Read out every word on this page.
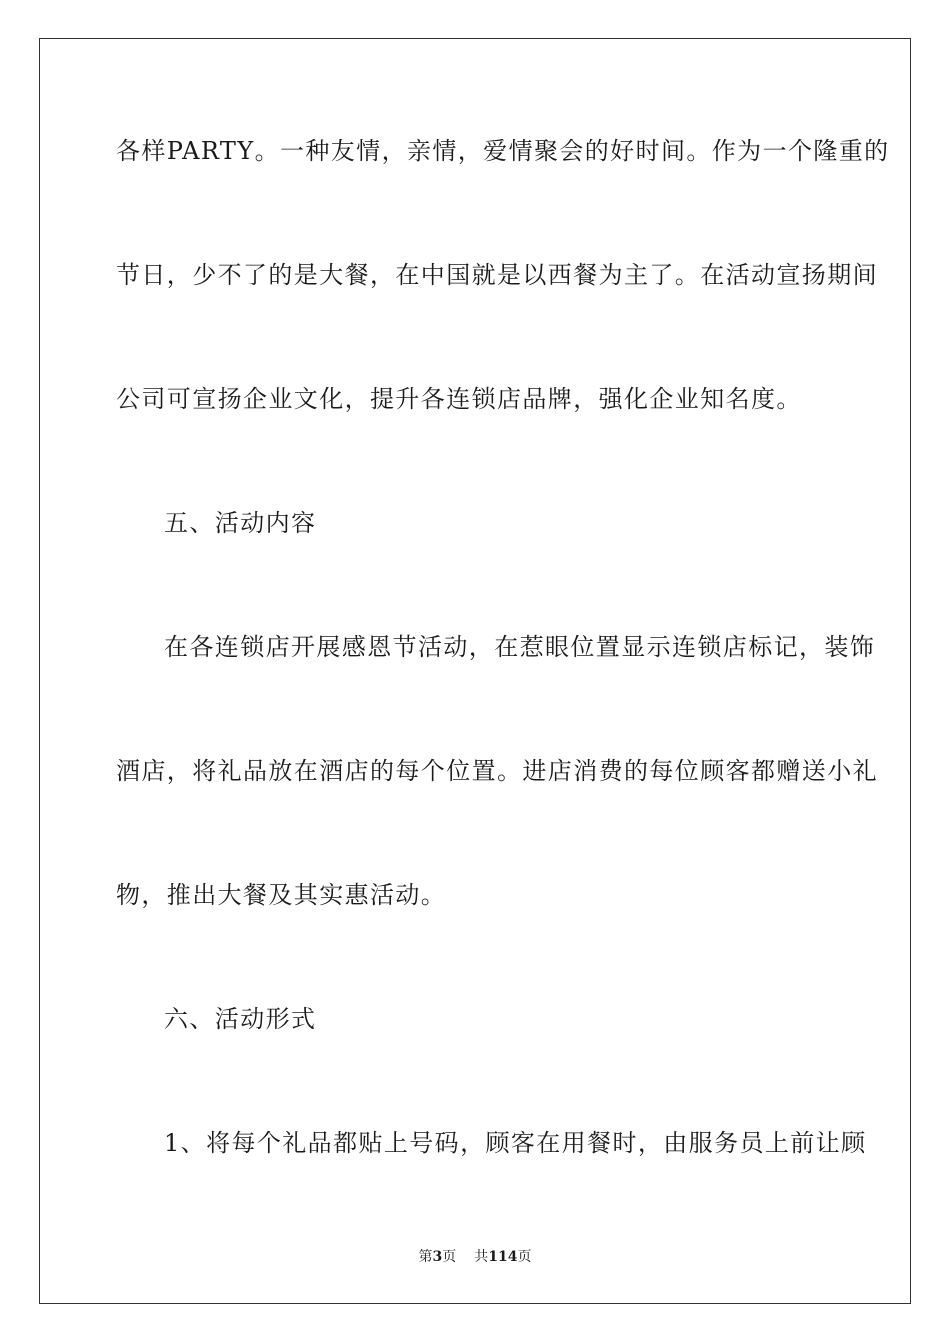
各样PARTY。一种友情，亲情，爱情聚会的好时间。作为一个隆重的
节日，少不了的是大餐，在中国就是以西餐为主了。在活动宣扬期间
公司可宣扬企业文化，提升各连锁店品牌，强化企业知名度。
五、活动内容
在各连锁店开展感恩节活动，在惹眼位置显示连锁店标记，装饰
酒店，将礼品放在酒店的每个位置。进店消费的每位顾客都赠送小礼
物，推出大餐及其实惠活动。
六、活动形式
1、将每个礼品都贴上号码，顾客在用餐时，由服务员上前让顾
第3页 共114页
